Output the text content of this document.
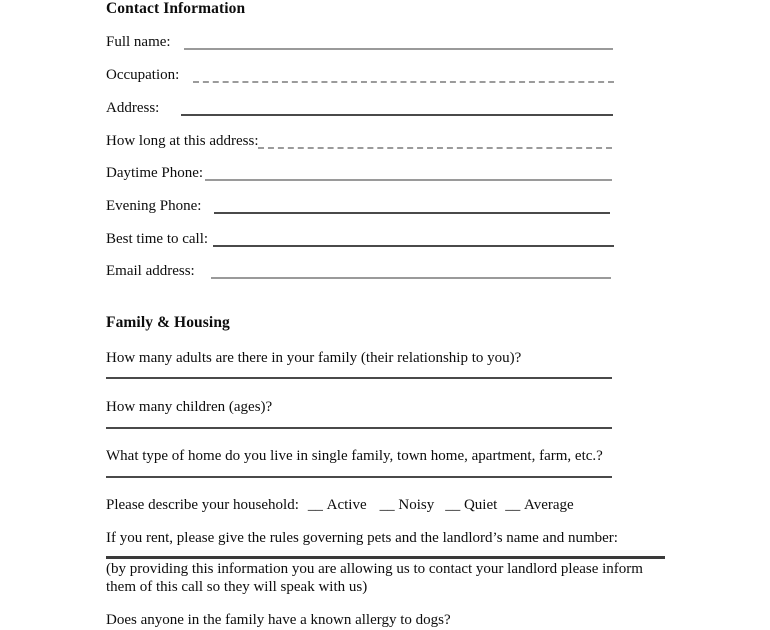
Contact Information
Full name:
Occupation:
Address:
How long at this address:
Daytime Phone:
Evening Phone:
Best time to call:
Email address:
Family & Housing
How many adults are there in your family (their relationship to you)?
How many children (ages)?
What type of home do you live in single family, town home, apartment, farm, etc.?
Please describe your household: __ Active __ Noisy __ Quiet __ Average
If you rent, please give the rules governing pets and the landlord’s name and number:
(by providing this information you are allowing us to contact your landlord please inform them of this call so they will speak with us)
Does anyone in the family have a known allergy to dogs?
